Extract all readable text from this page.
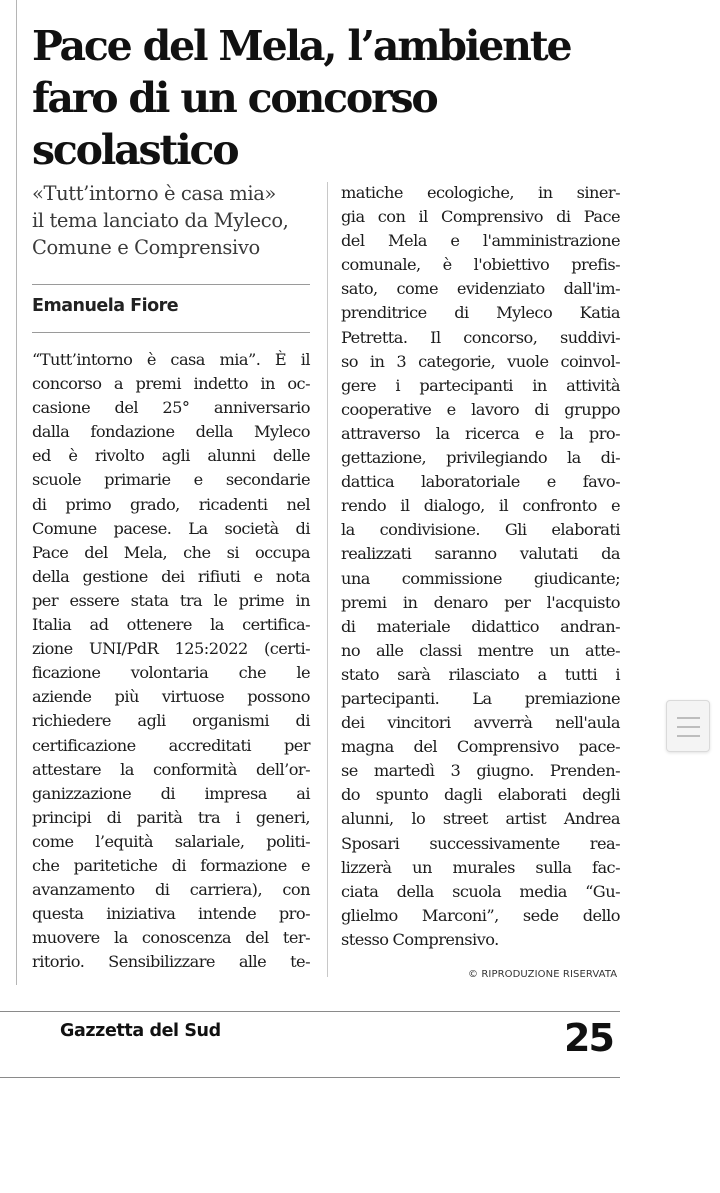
Pace del Mela, l’ambiente
faro di un concorso scolastico
«Tutt’intorno è casa mia»
il tema lanciato da Myleco,
Comune e Comprensivo
Emanuela Fiore

“Tutt’intorno è casa mia”. È il

concorso a premi indetto in oc-

casione del 25° anniversario

dalla fondazione della Myleco

ed è rivolto agli alunni delle

scuole primarie e secondarie

di primo grado, ricadenti nel

Comune pacese. La società di

Pace del Mela, che si occupa

della gestione dei rifiuti e nota

per essere stata tra le prime in

Italia ad ottenere la certifica-

zione UNI/PdR 125:2022 (certi-

ficazione volontaria che le

aziende più virtuose possono

richiedere agli organismi di

certificazione accreditati per

attestare la conformità dell’or-

ganizzazione di impresa ai

principi di parità tra i generi,

come l’equità salariale, politi-

che paritetiche di formazione e

avanzamento di carriera), con

questa iniziativa intende pro-

muovere la conoscenza del ter-

ritorio. Sensibilizzare alle te-

matiche ecologiche, in siner-

gia con il Comprensivo di Pace

del Mela e l'amministrazione

comunale, è l'obiettivo prefis-

sato, come evidenziato dall'im-

prenditrice di Myleco Katia

Petretta. Il concorso, suddivi-

so in 3 categorie, vuole coinvol-

gere i partecipanti in attività

cooperative e lavoro di gruppo

attraverso la ricerca e la pro-

gettazione, privilegiando la di-

dattica laboratoriale e favo-

rendo il dialogo, il confronto e

la condivisione. Gli elaborati

realizzati saranno valutati da

una commissione giudicante;

premi in denaro per l'acquisto

di materiale didattico andran-

no alle classi mentre un atte-

stato sarà rilasciato a tutti i

partecipanti. La premiazione

dei vincitori avverrà nell'aula

magna del Comprensivo pace-

se martedì 3 giugno. Prenden-

do spunto dagli elaborati degli

alunni, lo street artist Andrea

Sposari successivamente rea-

lizzerà un murales sulla fac-

ciata della scuola media “Gu-

glielmo Marconi”, sede dello

stesso Comprensivo.

© RIPRODUZIONE RISERVATA
Gazzetta del Sud	25
